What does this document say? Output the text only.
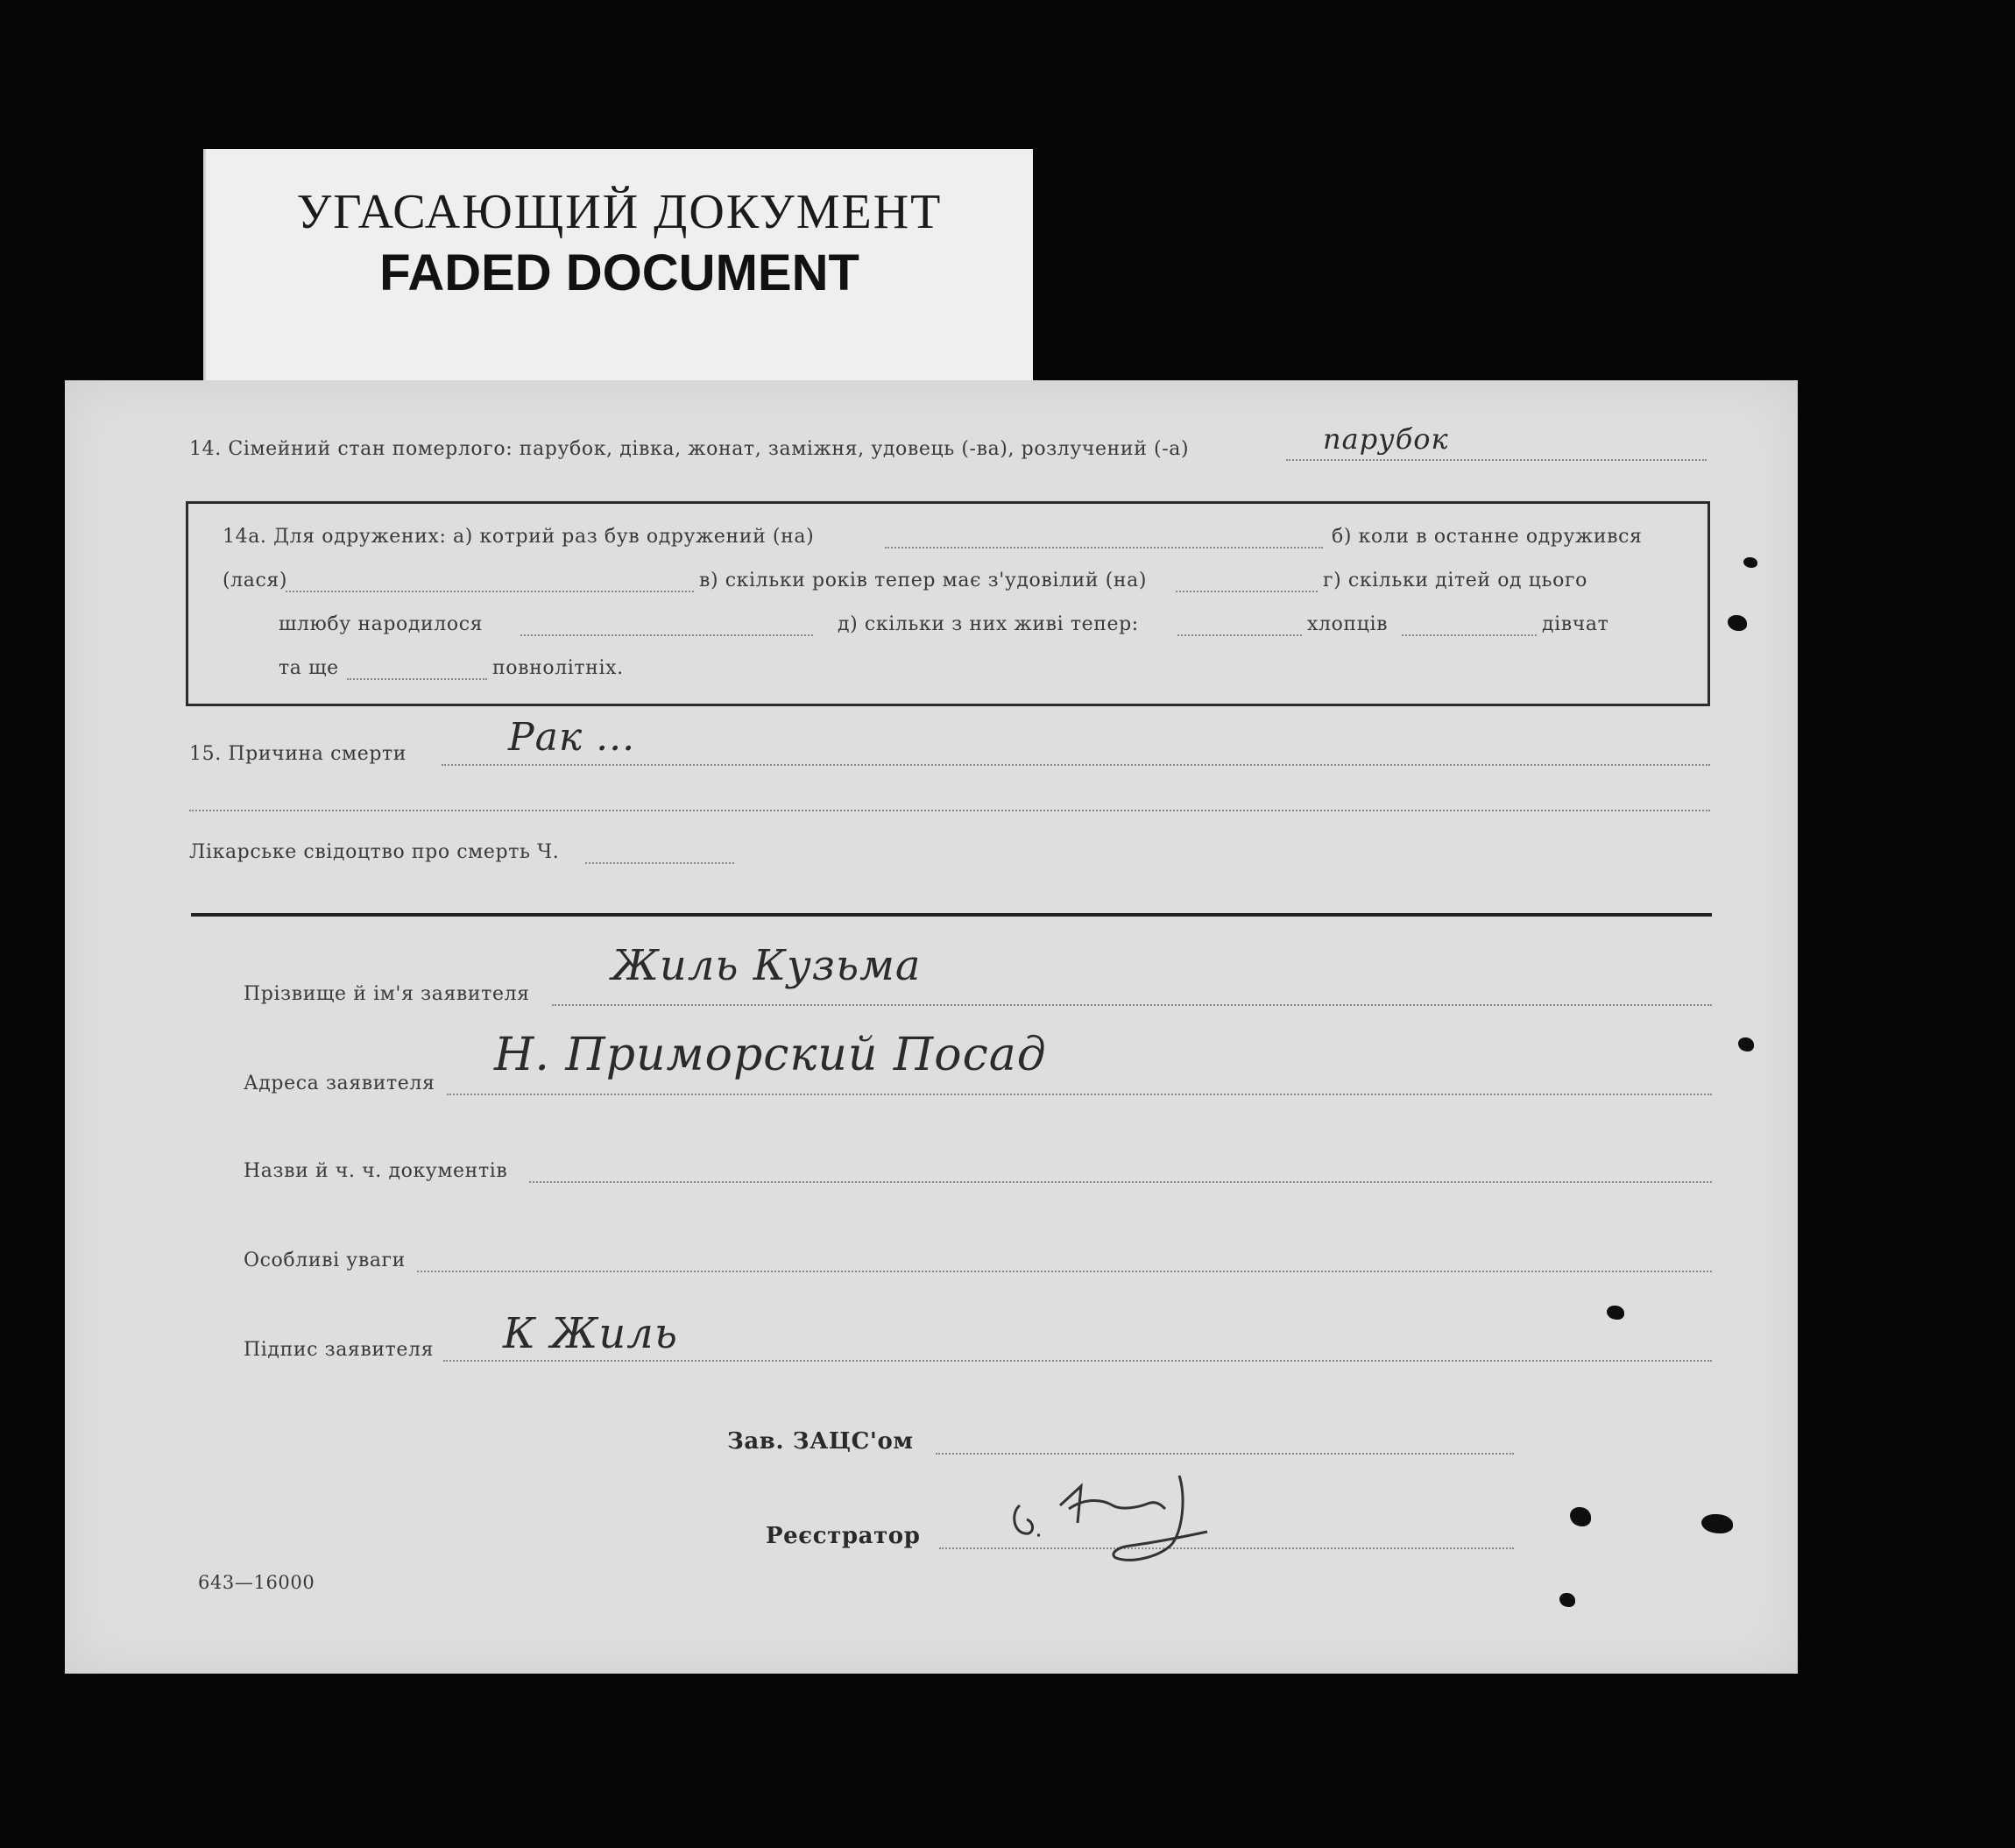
УГАСАЮЩИЙ ДОКУМЕНТ
FADED DOCUMENT
14. Сімейний стан померлого: парубок, дівка, жонат, заміжня, удовець (-ва), розлучений (-а)	парубок
14а. Для одружених: а) котрий раз був одружений (на)	б) коли в останне одружився
(лася)	в) скільки років тепер має з'удовілий (на)	г) скільки дітей од цього
шлюбу народилося	д) скільки з них живі тепер:	хлопців	дівчат
та ще	повнолітніх.
15. Причина смерти	Рак ...
Лікарське свідоцтво про смерть Ч.
Прізвище й ім'я заявителя
Жиль Кузьма
Адреса заявителя
Н. Приморский Посад
Назви й ч. ч. документів
Особливі уваги
Підпис заявителя К Жиль
Зав. ЗАЦС'ом
Реєстратор
643—16000
